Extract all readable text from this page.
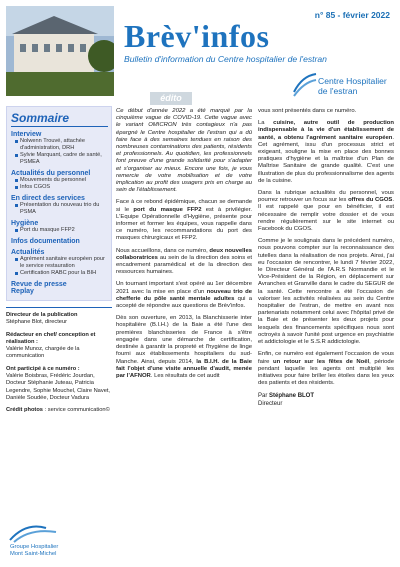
n° 85 - février 2022
Brèv'infos
Bulletin d'information du Centre hospitalier de l'estran
Centre Hospitalier
de l'estran
édito
Sommaire
Interview
Nolwenn Trouvé, attachée d'administration, DRH
Sylvie Marquant, cadre de santé, PSMEA
Actualités du personnel
Mouvements du personnel
Infos CGOS
En direct des services
Présentation du nouveau trio du PSMA
Hygiène
Port du masque FFP2
Infos documentation
Actualités
Agrément sanitaire européen pour le service restauration
Certification RABC pour la BIH
Revue de presse
Replay

Directeur de la publication
Stéphane Blot, directeur

Rédacteur en chef/ conception et réalisation :
Valérie Munoz, chargée de la communication

Ont participé à ce numéro :
Valérie Boisbras, Frédéric Jourdan, Docteur Stéphanie Juteau, Patricia Legendre, Sophie Mouchel, Claire Navet, Danièle Soudée, Docteur Vadura

Crédit photos : service communication©

Groupe Hospitalier
Mont Saint-Michel

Ce début d'année 2022 a été marqué par la cinquième vague de COVID-19. Cette vague avec le variant OMICRON très contagieux n'a pas épargné le Centre hospitalier de l'estran qui a dû faire face à des semaines tendues en raison des nombreuses contaminations des patients, résidents et professionnels. Au quotidien, les professionnels font preuve d'une grande solidarité pour s'adapter et s'organiser au mieux. Encore une fois, je vous remercie de votre mobilisation et de votre implication au profit des usagers pris en charge au sein de l'établissement.

Face à ce rebond épidémique, chacun se demande si le port du masque FFP2 est à privilégier. L'Equipe Opérationnelle d'Hygiène, présente pour informer et former les équipes, vous rappelle dans ce numéro, les recommandations du port des masques chirurgicaux et FFP2.

Nous accueillons, dans ce numéro, deux nouvelles collaboratrices au sein de la direction des soins et encadrement paramédical et de la direction des ressources humaines.

Un tournant important s'est opéré au 1er décembre 2021 avec la mise en place d'un nouveau trio de chefferie du pôle santé mentale adultes qui a accepté de répondre aux questions de Brèv'infos.

Dès son ouverture, en 2013, la Blanchisserie inter hospitalière (B.I.H.) de la Baie a été l'une des premières blanchisseries de France à s'être engagée dans une démarche de certification, destinée à garantir la propreté et l'hygiène de linge fourni aux établissements hospitaliers du sud-Manche. Ainsi, depuis 2014, la B.I.H. de la Baie fait l'objet d'une visite annuelle d'audit, menée par l'AFNOR. Les résultats de cet audit

vous sont présentés dans ce numéro.

La cuisine, autre outil de production indispensable à la vie d'un établissement de santé, a obtenu l'agrément sanitaire européen. Cet agrément, issu d'un processus strict et exigeant, souligne la mise en place des bonnes pratiques d'hygiène et la maîtrise d'un Plan de Maîtrise Sanitaire de grande qualité. C'est une illustration de plus du professionnalisme des agents de la cuisine.

Dans la rubrique actualités du personnel, vous pourrez retrouver un focus sur les offres du CGOS. Il est rappelé que pour en bénéficier, il est nécessaire de remplir votre dossier et de vous rendre régulièrement sur le site internet ou Facebook du CGOS.

Comme je le soulignais dans le précédent numéro, nous pouvons compter sur la reconnaissance des tutelles dans la réalisation de nos projets. Ainsi, j'ai eu l'occasion de rencontrer, le lundi 7 février 2022, le Directeur Général de l'A.R.S Normandie et le Vice-Président de la Région, en déplacement sur Avranches et Granville dans le cadre du SEGUR de la santé. Cette rencontre a été l'occasion de valoriser les activités réalisées au sein du Centre hospitalier de l'estran, de mettre en avant nos partenariats notamment celui avec l'hôpital privé de la Baie et de présenter les deux projets pour lesquels des financements spécifiques nous sont octroyés à savoir l'unité post urgence en psychiatrie et addictologie et le S.S.R addictologie.

Enfin, ce numéro est également l'occasion de vous faire un retour sur les fêtes de Noël, période pendant laquelle les agents ont multiplié les initiatives pour faire briller les étoiles dans les yeux des patients et des résidents.

Par Stéphane BLOT
Directeur
